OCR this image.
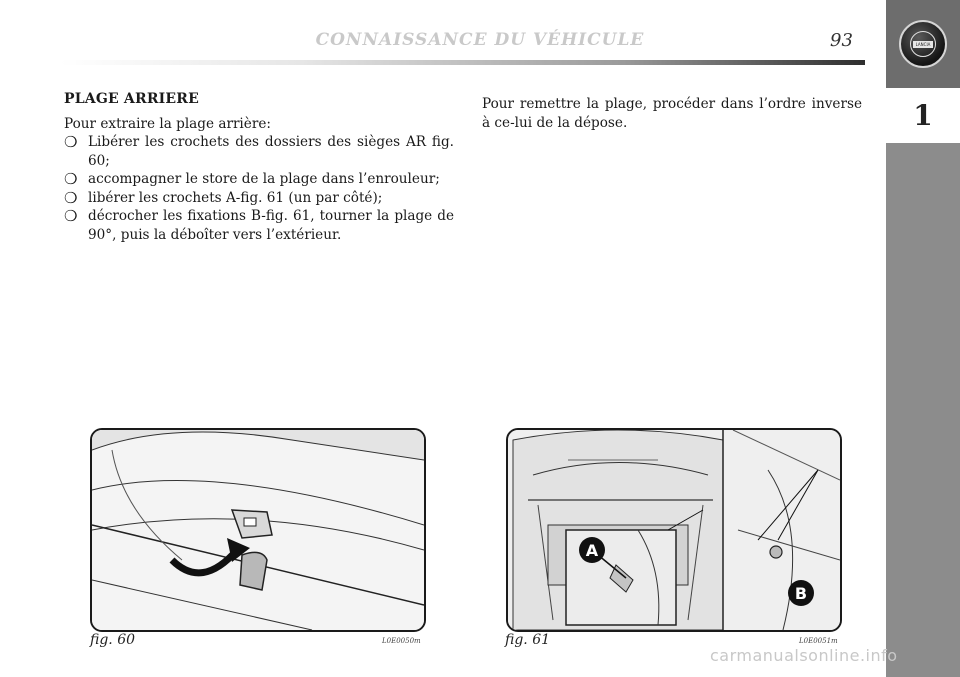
CONNAISSANCE DU VÉHICULE	93	LANCIA
1
PLAGE ARRIERE

Pour extraire la plage arrière:

❍ Libérer les crochets des dossiers des sièges AR fig. 60;
❍ accompagner le store de la plage dans l’enrouleur;
❍ libérer les crochets A-fig. 61 (un par côté);
❍ décrocher les fixations B-fig. 61, tourner la plage de 90°, puis la déboîter vers l’extérieur.

Pour remettre la plage, procéder dans l’ordre inverse à ce-lui de la dépose.

fig. 60	L0E0050m
A
B
fig. 61	L0E0051m
carmanualsonline.info
